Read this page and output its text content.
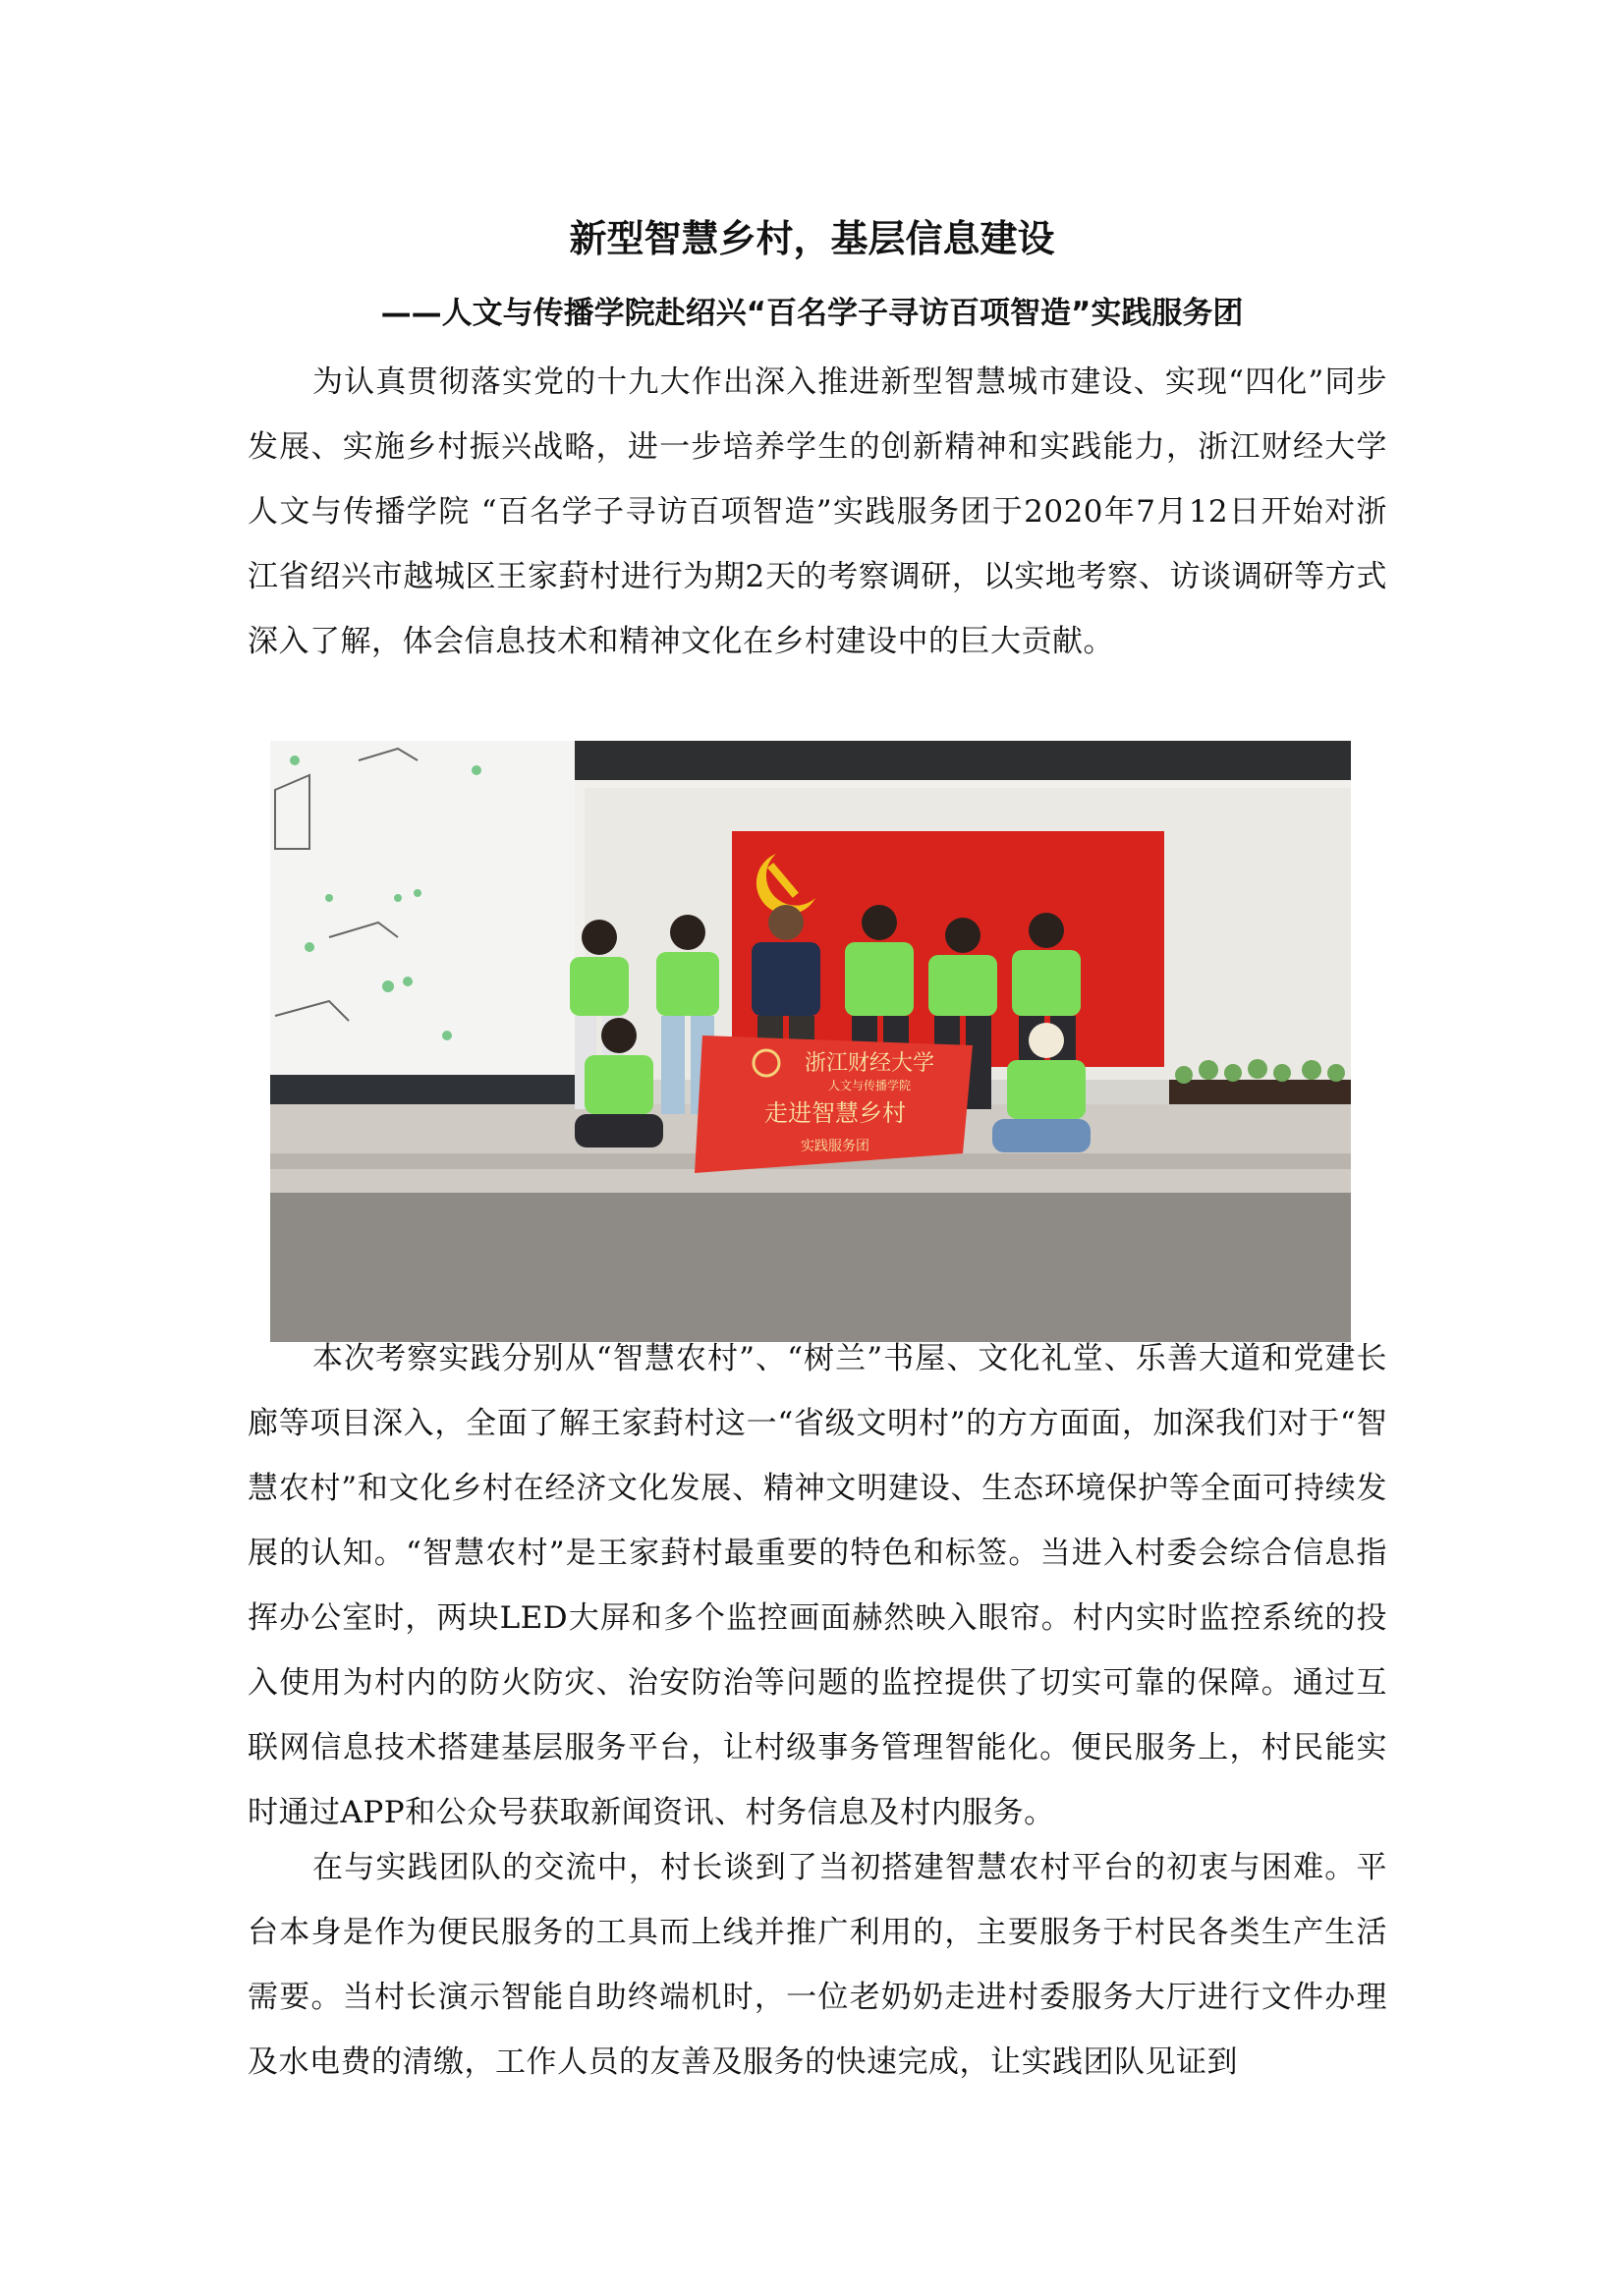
新型智慧乡村，基层信息建设
——人文与传播学院赴绍兴“百名学子寻访百项智造”实践服务团

为认真贯彻落实党的十九大作出深入推进新型智慧城市建设、实现“四化”同步发展、实施乡村振兴战略，进一步培养学生的创新精神和实践能力，浙江财经大学人文与传播学院 “百名学子寻访百项智造”实践服务团于2020年7月12日开始对浙江省绍兴市越城区王家葑村进行为期2天的考察调研，以实地考察、访谈调研等方式深入了解，体会信息技术和精神文化在乡村建设中的巨大贡献。

浙江财经大学
人文与传播学院
走进智慧乡村
实践服务团

本次考察实践分别从“智慧农村”、“树兰”书屋、文化礼堂、乐善大道和党建长廊等项目深入，全面了解王家葑村这一“省级文明村”的方方面面，加深我们对于“智慧农村”和文化乡村在经济文化发展、精神文明建设、生态环境保护等全面可持续发展的认知。“智慧农村”是王家葑村最重要的特色和标签。当进入村委会综合信息指挥办公室时，两块LED大屏和多个监控画面赫然映入眼帘。村内实时监控系统的投入使用为村内的防火防灾、治安防治等问题的监控提供了切实可靠的保障。通过互联网信息技术搭建基层服务平台，让村级事务管理智能化。便民服务上，村民能实时通过APP和公众号获取新闻资讯、村务信息及村内服务。

在与实践团队的交流中，村长谈到了当初搭建智慧农村平台的初衷与困难。平台本身是作为便民服务的工具而上线并推广利用的，主要服务于村民各类生产生活需要。当村长演示智能自助终端机时，一位老奶奶走进村委服务大厅进行文件办理及水电费的清缴，工作人员的友善及服务的快速完成，让实践团队见证到
